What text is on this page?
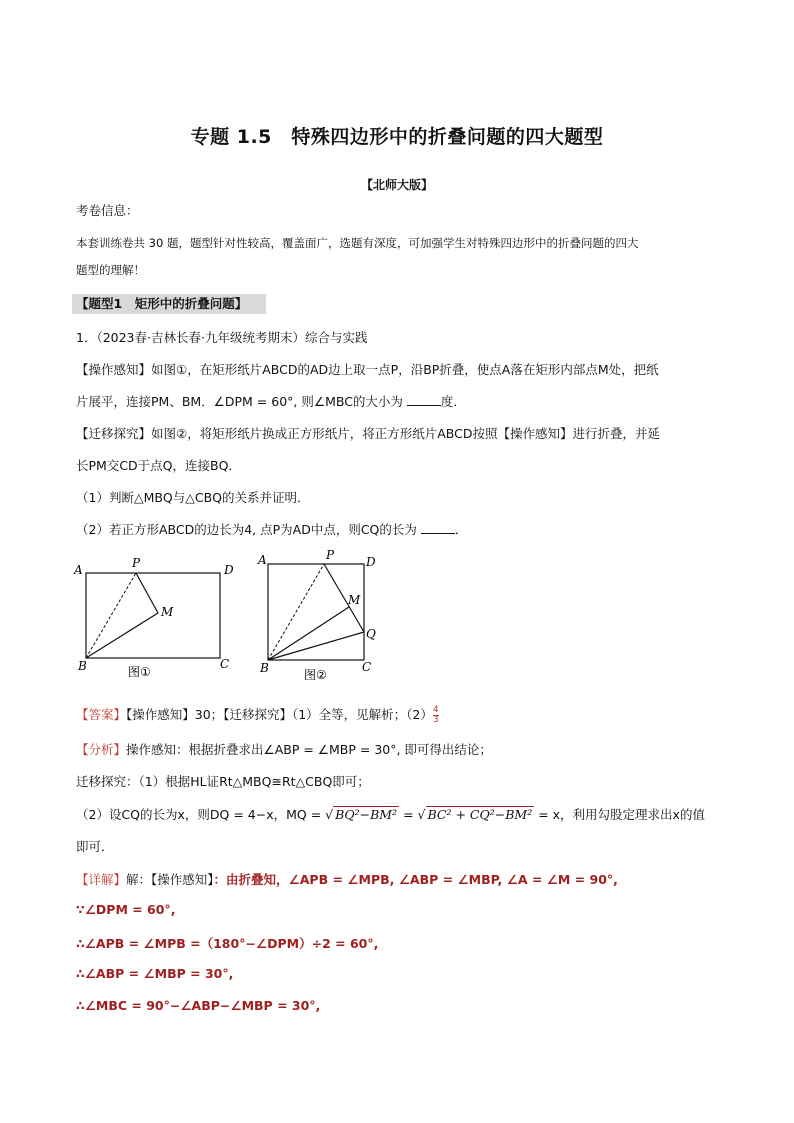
专题 1.5　特殊四边形中的折叠问题的四大题型
【北师大版】
考卷信息：
本套训练卷共 30 题，题型针对性较高，覆盖面广，选题有深度，可加强学生对特殊四边形中的折叠问题的四大
题型的理解！
【题型1　矩形中的折叠问题】
1．（2023春·吉林长春·九年级统考期末）综合与实践
【操作感知】如图①，在矩形纸片ABCD的AD边上取一点P，沿BP折叠，使点A落在矩形内部点M处，把纸
片展平，连接PM、BM．∠DPM = 60°, 则∠MBC的大小为	度．
【迁移探究】如图②，将矩形纸片换成正方形纸片，将正方形纸片ABCD按照【操作感知】进行折叠，并延
长PM交CD于点Q，连接BQ．
（1）判断△MBQ与△CBQ的关系并证明．
（2）若正方形ABCD的边长为4, 点P为AD中点，则CQ的长为	．
A	P	D
M
B	C
图①
A	P	D
M
Q
B	C
图②
【答案】【操作感知】30；【迁移探究】（1）全等，见解析；$(2) \frac{4}{3}$
【分析】操作感知：根据折叠求出∠ABP = ∠MBP = 30°, 即可得出结论；
迁移探究：（1）根据HL证Rt△MBQ≅Rt△CBQ即可；
（2）设CQ的长为x，则DQ = 4−x，MQ = √ BQ²−BM² = √ BC² + CQ²−BM² = x，利用勾股定理求出x的值
即可．
【详解】解：【操作感知】：由折叠知，∠APB = ∠MPB, ∠ABP = ∠MBP, ∠A = ∠M = 90°,
∵∠DPM = 60°,
∴∠APB = ∠MPB =（180°−∠DPM）÷2 = 60°,
∴∠ABP = ∠MBP = 30°,
∴∠MBC = 90°−∠ABP−∠MBP = 30°,
